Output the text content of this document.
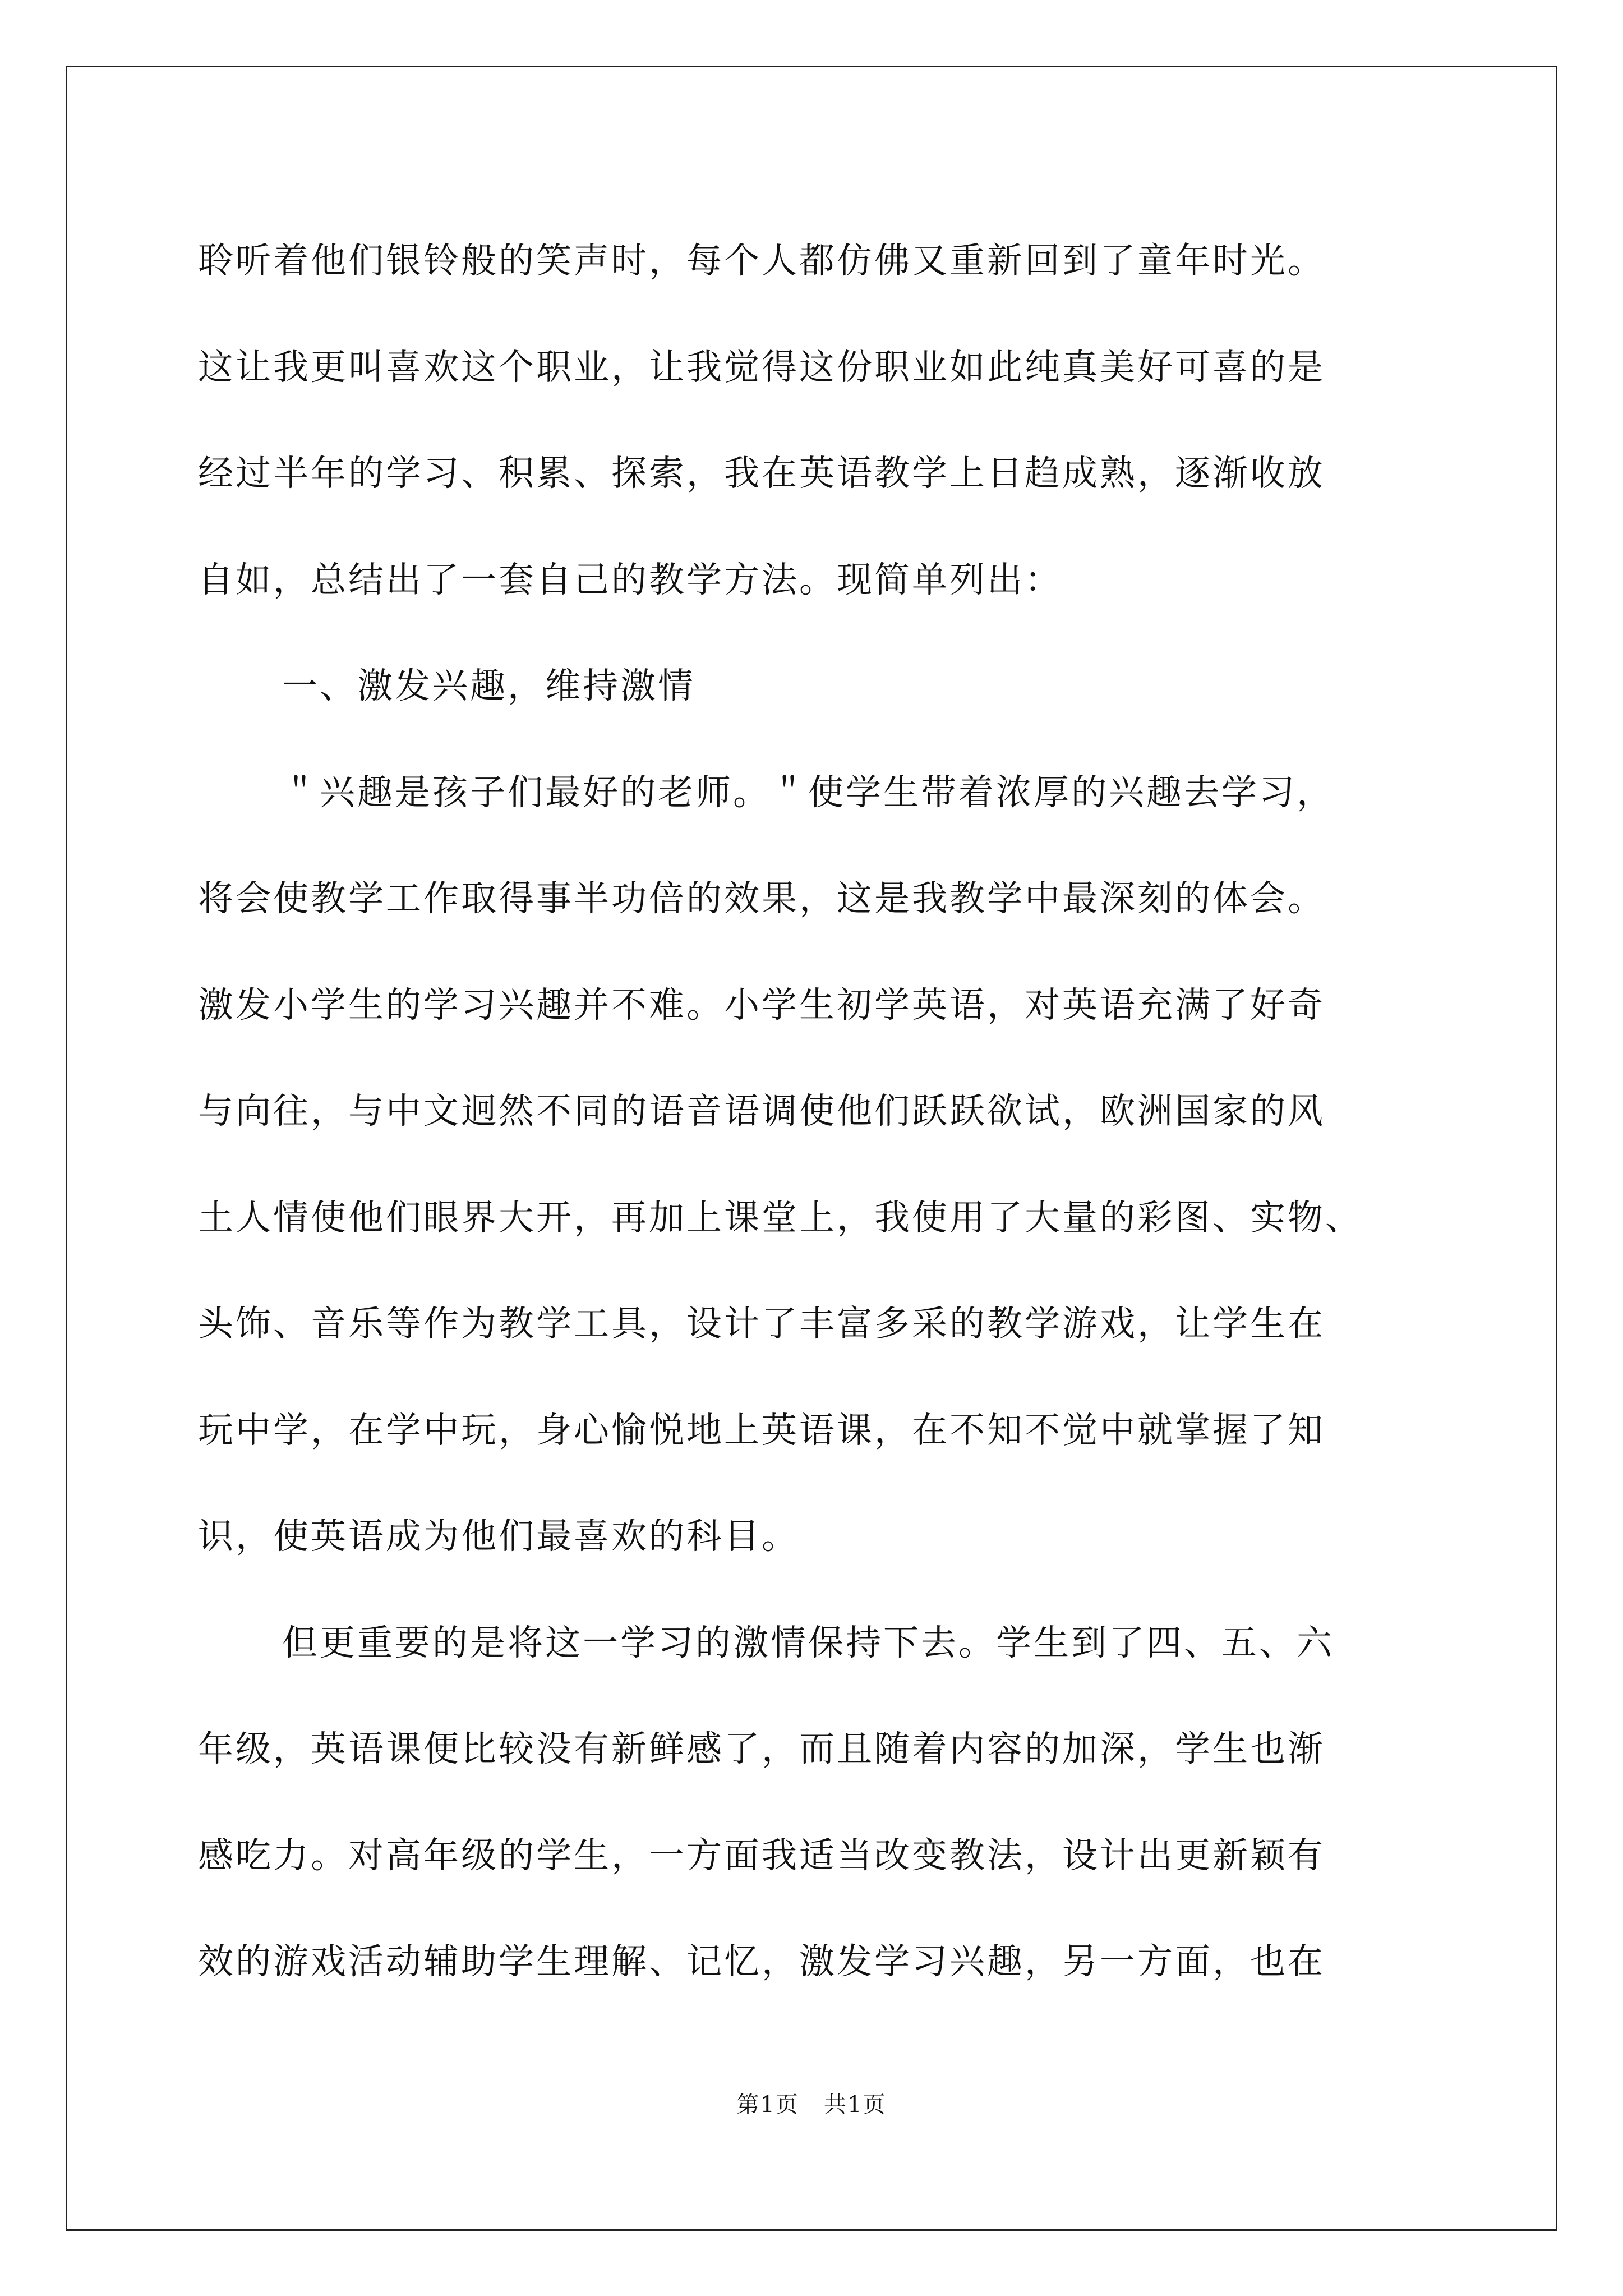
聆听着他们银铃般的笑声时，每个人都仿佛又重新回到了童年时光。
这让我更叫喜欢这个职业，让我觉得这份职业如此纯真美好可喜的是
经过半年的学习、积累、探索，我在英语教学上日趋成熟，逐渐收放
自如，总结出了一套自己的教学方法。现简单列出：
一、激发兴趣，维持激情
＂兴趣是孩子们最好的老师。＂使学生带着浓厚的兴趣去学习，
将会使教学工作取得事半功倍的效果，这是我教学中最深刻的体会。
激发小学生的学习兴趣并不难。小学生初学英语，对英语充满了好奇
与向往，与中文迥然不同的语音语调使他们跃跃欲试，欧洲国家的风
土人情使他们眼界大开，再加上课堂上，我使用了大量的彩图、实物、
头饰、音乐等作为教学工具，设计了丰富多采的教学游戏，让学生在
玩中学，在学中玩，身心愉悦地上英语课，在不知不觉中就掌握了知
识，使英语成为他们最喜欢的科目。
但更重要的是将这一学习的激情保持下去。学生到了四、五、六
年级，英语课便比较没有新鲜感了，而且随着内容的加深，学生也渐
感吃力。对高年级的学生，一方面我适当改变教法，设计出更新颖有
效的游戏活动辅助学生理解、记忆，激发学习兴趣，另一方面，也在
第1页   共1页
